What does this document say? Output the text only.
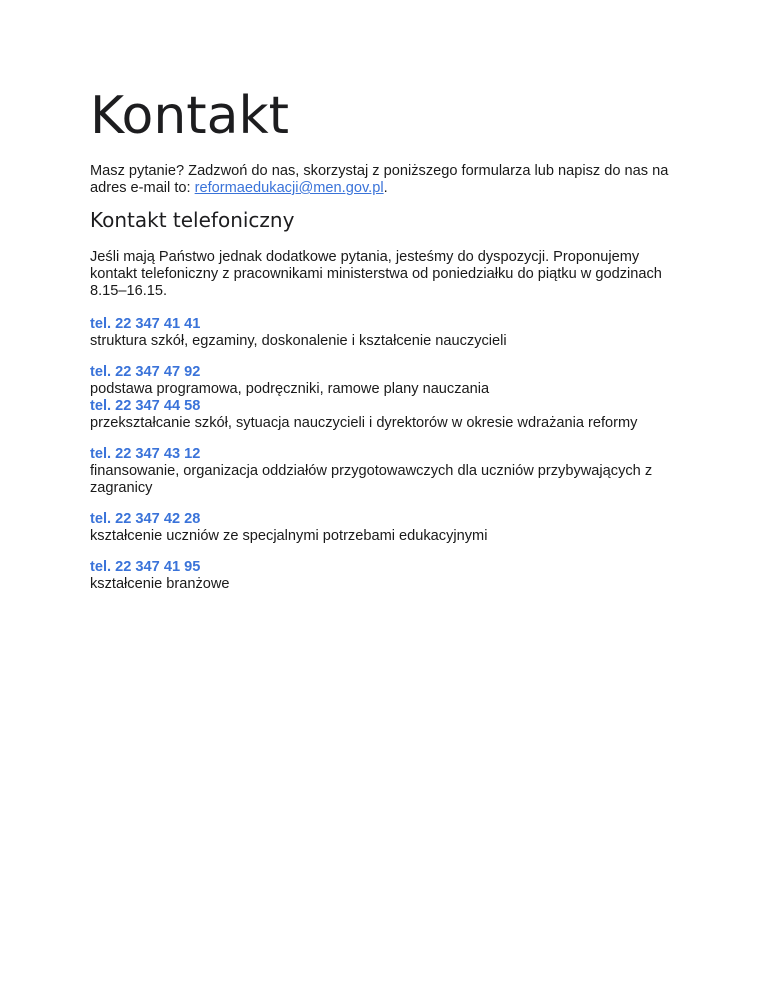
Kontakt

Masz pytanie? Zadzwoń do nas, skorzystaj z poniższego formularza lub napisz do nas na adres e-mail to: reformaedukacji@men.gov.pl.

Kontakt telefoniczny

Jeśli mają Państwo jednak dodatkowe pytania, jesteśmy do dyspozycji. Proponujemy kontakt telefoniczny z pracownikami ministerstwa od poniedziałku do piątku w godzinach 8.15–16.15.

tel. 22 347 41 41
struktura szkół, egzaminy, doskonalenie i kształcenie nauczycieli
tel. 22 347 47 92
podstawa programowa, podręczniki, ramowe plany nauczania
tel. 22 347 44 58
przekształcanie szkół, sytuacja nauczycieli i dyrektorów w okresie wdrażania reformy
tel. 22 347 43 12
finansowanie, organizacja oddziałów przygotowawczych dla uczniów przybywających z zagranicy
tel. 22 347 42 28
kształcenie uczniów ze specjalnymi potrzebami edukacyjnymi
tel. 22 347 41 95
kształcenie branżowe
